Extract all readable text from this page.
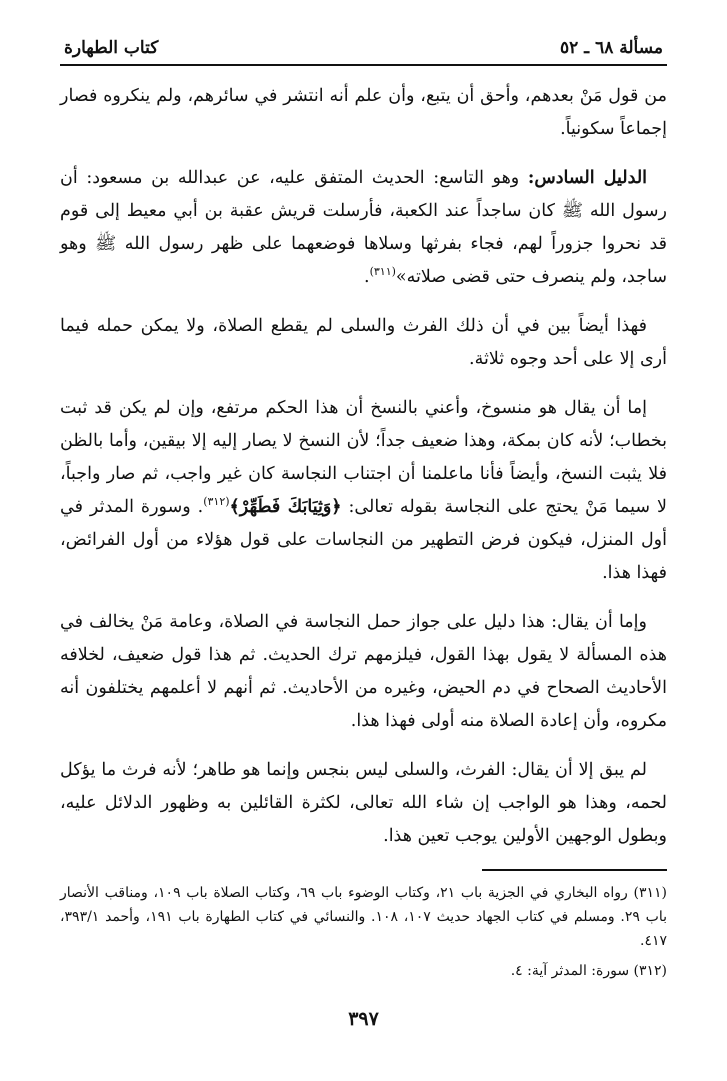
مسألة ٦٨ ـ ٥٢
كتاب الطهارة

من قول مَنْ بعدهم، وأحق أن يتبع، وأن علم أنه انتشر في سائرهم، ولم ينكروه فصار إجماعاً سكونياً.

الدليل السادس: وهو التاسع: الحديث المتفق عليه، عن عبدالله بن مسعود: أن رسول الله ﷺ كان ساجداً عند الكعبة، فأرسلت قريش عقبة بن أبي معيط إلى قوم قد نحروا جزوراً لهم، فجاء بفرثها وسلاها فوضعهما على ظهر رسول الله ﷺ وهو ساجد، ولم ينصرف حتى قضى صلاته»$^{(٣١١)}$.

فهذا أيضاً بين في أن ذلك الفرث والسلى لم يقطع الصلاة، ولا يمكن حمله فيما أرى إلا على أحد وجوه ثلاثة.

إما أن يقال هو منسوخ، وأعني بالنسخ أن هذا الحكم مرتفع، وإن لم يكن قد ثبت بخطاب؛ لأنه كان بمكة، وهذا ضعيف جداً؛ لأن النسخ لا يصار إليه إلا بيقين، وأما بالظن فلا يثبت النسخ، وأيضاً فأنا ماعلمنا أن اجتناب النجاسة كان غير واجب، ثم صار واجباً، لا سيما مَنْ يحتج على النجاسة بقوله تعالى: ﴿وَثِيَابَكَ فَطَهِّرْ﴾$^{(٣١٢)}$. وسورة المدثر في أول المنزل، فيكون فرض التطهير من النجاسات على قول هؤلاء من أول الفرائض، فهذا هذا.

وإما أن يقال: هذا دليل على جواز حمل النجاسة في الصلاة، وعامة مَنْ يخالف في هذه المسألة لا يقول بهذا القول، فيلزمهم ترك الحديث. ثم هذا قول ضعيف، لخلافه الأحاديث الصحاح في دم الحيض، وغيره من الأحاديث. ثم أنهم لا أعلمهم يختلفون أنه مكروه، وأن إعادة الصلاة منه أولى فهذا هذا.

لم يبق إلا أن يقال: الفرث، والسلى ليس بنجس وإنما هو طاهر؛ لأنه فرث ما يؤكل لحمه، وهذا هو الواجب إن شاء الله تعالى، لكثرة القائلين به وظهور الدلائل عليه، وبطول الوجهين الأولين يوجب تعين هذا.

(٣١١) رواه البخاري في الجزية باب ٢١، وكتاب الوضوء باب ٦٩، وكتاب الصلاة باب ١٠٩، ومناقب الأنصار باب ٢٩. ومسلم في كتاب الجهاد حديث ١٠٧، ١٠٨. والنسائي في كتاب الطهارة باب ١٩١، وأحمد ٣٩٣/١، ٤١٧.

(٣١٢) سورة: المدثر آية: ٤.

٣٩٧
